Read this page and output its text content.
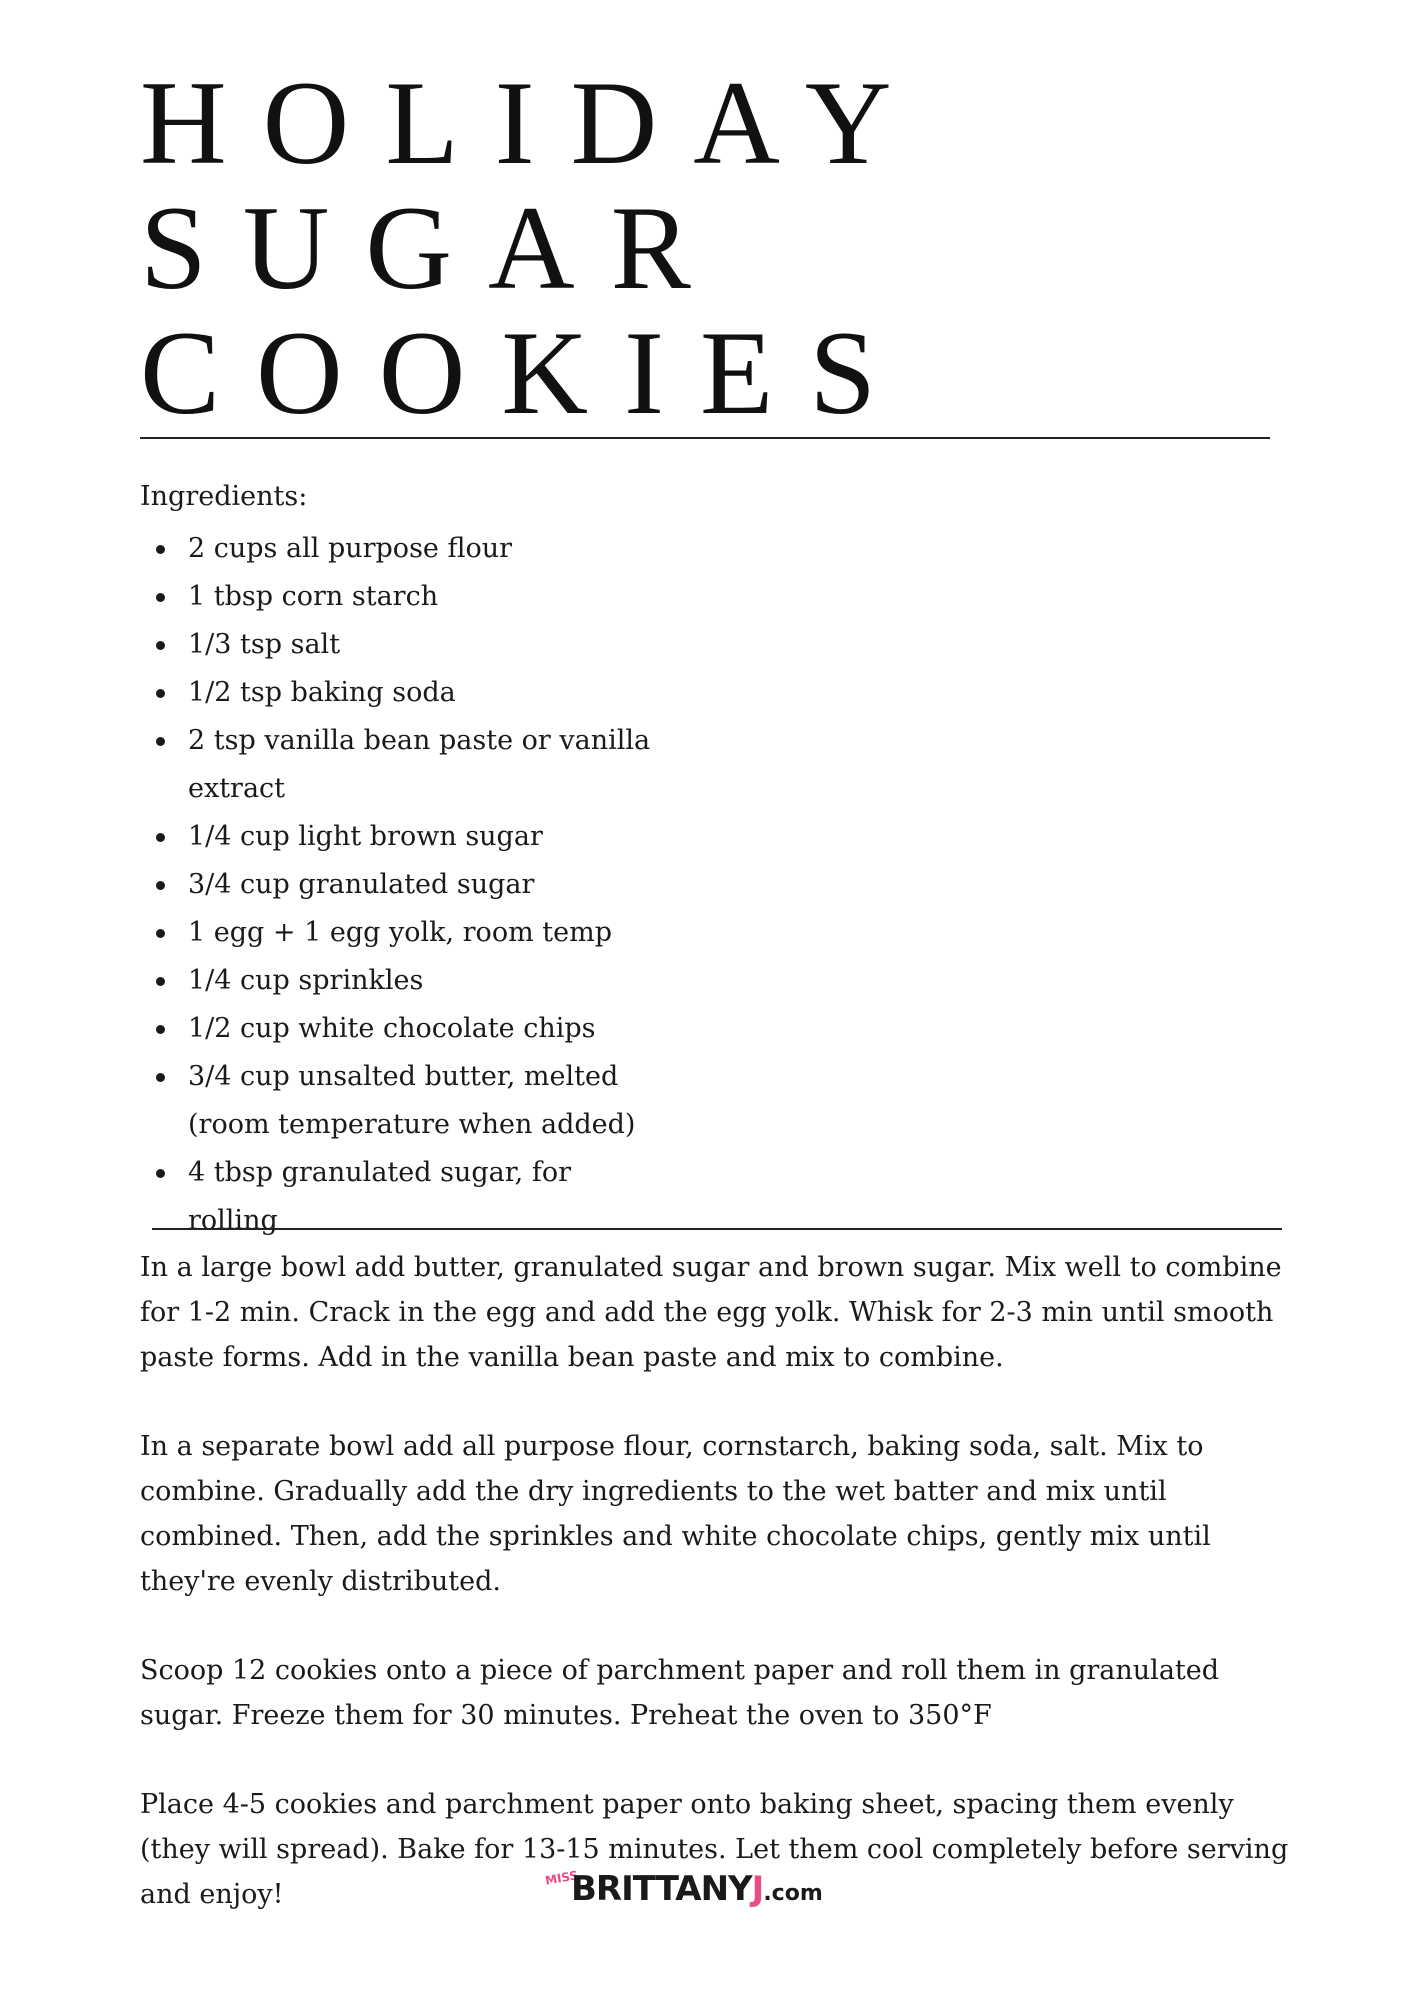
HOLIDAY
SUGAR
COOKIES

Ingredients:

2 cups all purpose flour
1 tbsp corn starch
1/3 tsp salt
1/2 tsp baking soda
2 tsp vanilla bean paste or vanilla extract
1/4 cup light brown sugar
3/4 cup granulated sugar
1 egg + 1 egg yolk, room temp
1/4 cup sprinkles
1/2 cup white chocolate chips
3/4 cup unsalted butter, melted (room temperature when added)
4 tbsp granulated sugar, for rolling

In a large bowl add butter, granulated sugar and brown sugar. Mix well to combine for 1-2 min. Crack in the egg and add the egg yolk. Whisk for 2-3 min until smooth paste forms. Add in the vanilla bean paste and mix to combine.

In a separate bowl add all purpose flour, cornstarch, baking soda, salt. Mix to combine. Gradually add the dry ingredients to the wet batter and mix until combined. Then, add the sprinkles and white chocolate chips, gently mix until they're evenly distributed.

Scoop 12 cookies onto a piece of parchment paper and roll them in granulated sugar. Freeze them for 30 minutes. Preheat the oven to 350°F

Place 4-5 cookies and parchment paper onto baking sheet, spacing them evenly (they will spread). Bake for 13-15 minutes. Let them cool completely before serving and enjoy!

MISS
BRITTANYJ.com
